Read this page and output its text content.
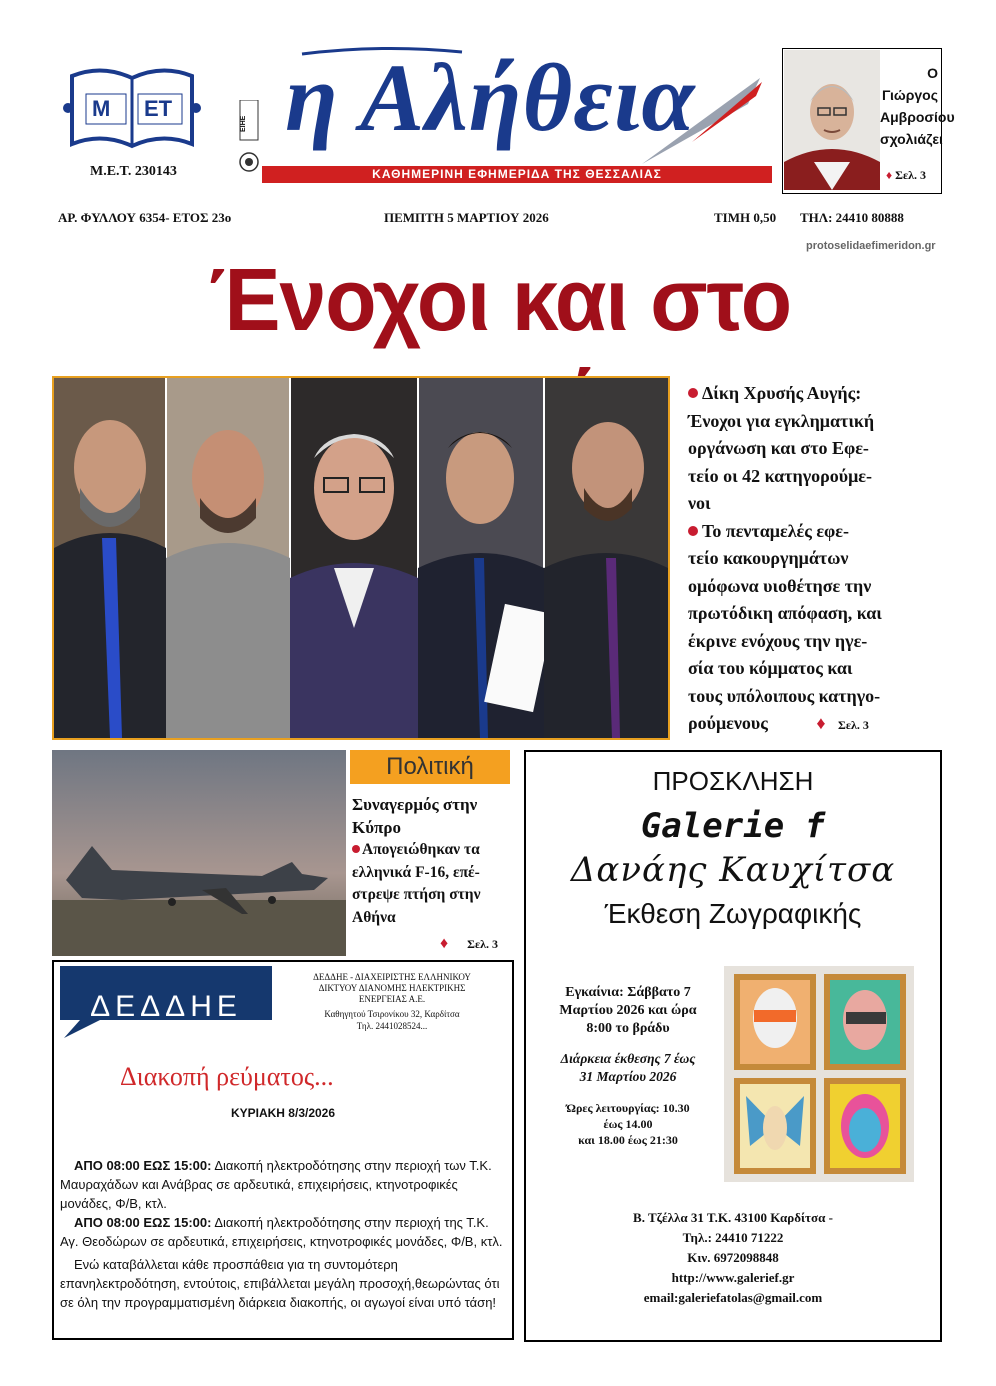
Μ ΕΤ
Μ.Ε.Τ. 230143
ΕΙΗΕ η Αλήθεια
ΚΑΘΗΜΕΡΙΝΗ ΕΦΗΜΕΡΙΔΑ ΤΗΣ ΘΕΣΣΑΛΙΑΣ
Ο Γιώργος
Αμβροσίου
σχολιάζει
♦ Σελ. 3
ΑΡ. ΦΥΛΛΟΥ 6354- ΕΤΟΣ 23ο	ΠΕΜΠΤΗ 5 ΜΑΡΤΙΟΥ 2026	ΤΙΜΗ 0,50 ΤΗΛ: 24410 80888
protoselidaefimeridon.gr
Ένοχοι και στο
Δίκη Χρυσής Αυγής:
Ένοχοι για εγκληματική
οργάνωση και στο Εφε-
τείο οι 42 κατηγορούμε-
νοι
Το πενταμελές εφε-
τείο κακουργημάτων
ομόφωνα υιοθέτησε την
πρωτόδικη απόφαση, και
έκρινε ενόχους την ηγε-
σία του κόμματος και
τους υπόλοιπους κατηγο-
ρούμενους	♦ Σελ. 3
Πολιτική
Συναγερμός στην
Κύπρο
Απογειώθηκαν τα
ελληνικά F-16, επέ-
στρεψε πτήση στην
Αθήνα
♦ Σελ. 3
ΠΡΟΣΚΛΗΣΗ
Galerie f
Δανάης Καυχίτσα
Έκθεση Ζωγραφικής
Εγκαίνια: Σάββατο 7
Μαρτίου 2026 και ώρα
8:00 το βράδυ
Διάρκεια έκθεσης 7 έως
31 Μαρτίου 2026
Ώρες λειτουργίας: 10.30
έως 14.00
και 18.00 έως 21:30
Β. Τζέλλα 31 Τ.Κ. 43100 Καρδίτσα -
Τηλ.: 24410 71222
Κιν. 6972098848
http://www.galerief.gr
email:galeriefatolas@gmail.com
ΔΕΔΔΗΕ
ΔΕΔΔΗΕ - ΔΙΑΧΕΙΡΙΣΤΗΣ ΕΛΛΗΝΙΚΟΥ
ΔΙΚΤΥΟΥ ΔΙΑΝΟΜΗΣ ΗΛΕΚΤΡΙΚΗΣ
ΕΝΕΡΓΕΙΑΣ Α.Ε.
Καθηγητού Τσιρονίκου 32, Καρδίτσα
Τηλ. 2441028524...
Διακοπή ρεύματος...
ΚΥΡΙΑΚΗ 8/3/2026
ΑΠΟ 08:00 ΕΩΣ 15:00: Διακοπή ηλεκτροδότησης στην περιοχή των Τ.Κ. Μαυραχάδων και Ανάβρας σε αρδευτικά, επιχειρήσεις, κτηνοτροφικές μονάδες, Φ/Β, κτλ.
ΑΠΟ 08:00 ΕΩΣ 15:00: Διακοπή ηλεκτροδότησης στην περιοχή της Τ.Κ. Αγ. Θεοδώρων σε αρδευτικά, επιχειρήσεις, κτηνοτροφικές μονάδες, Φ/Β, κτλ.
Ενώ καταβάλλεται κάθε προσπάθεια για τη συντομότερη επανηλεκτροδότηση, εντούτοις, επιβάλλεται μεγάλη προσοχή,θεωρώντας ότι σε όλη την προγραμματισμένη διάρκεια διακοπής, οι αγωγοί είναι υπό τάση!
